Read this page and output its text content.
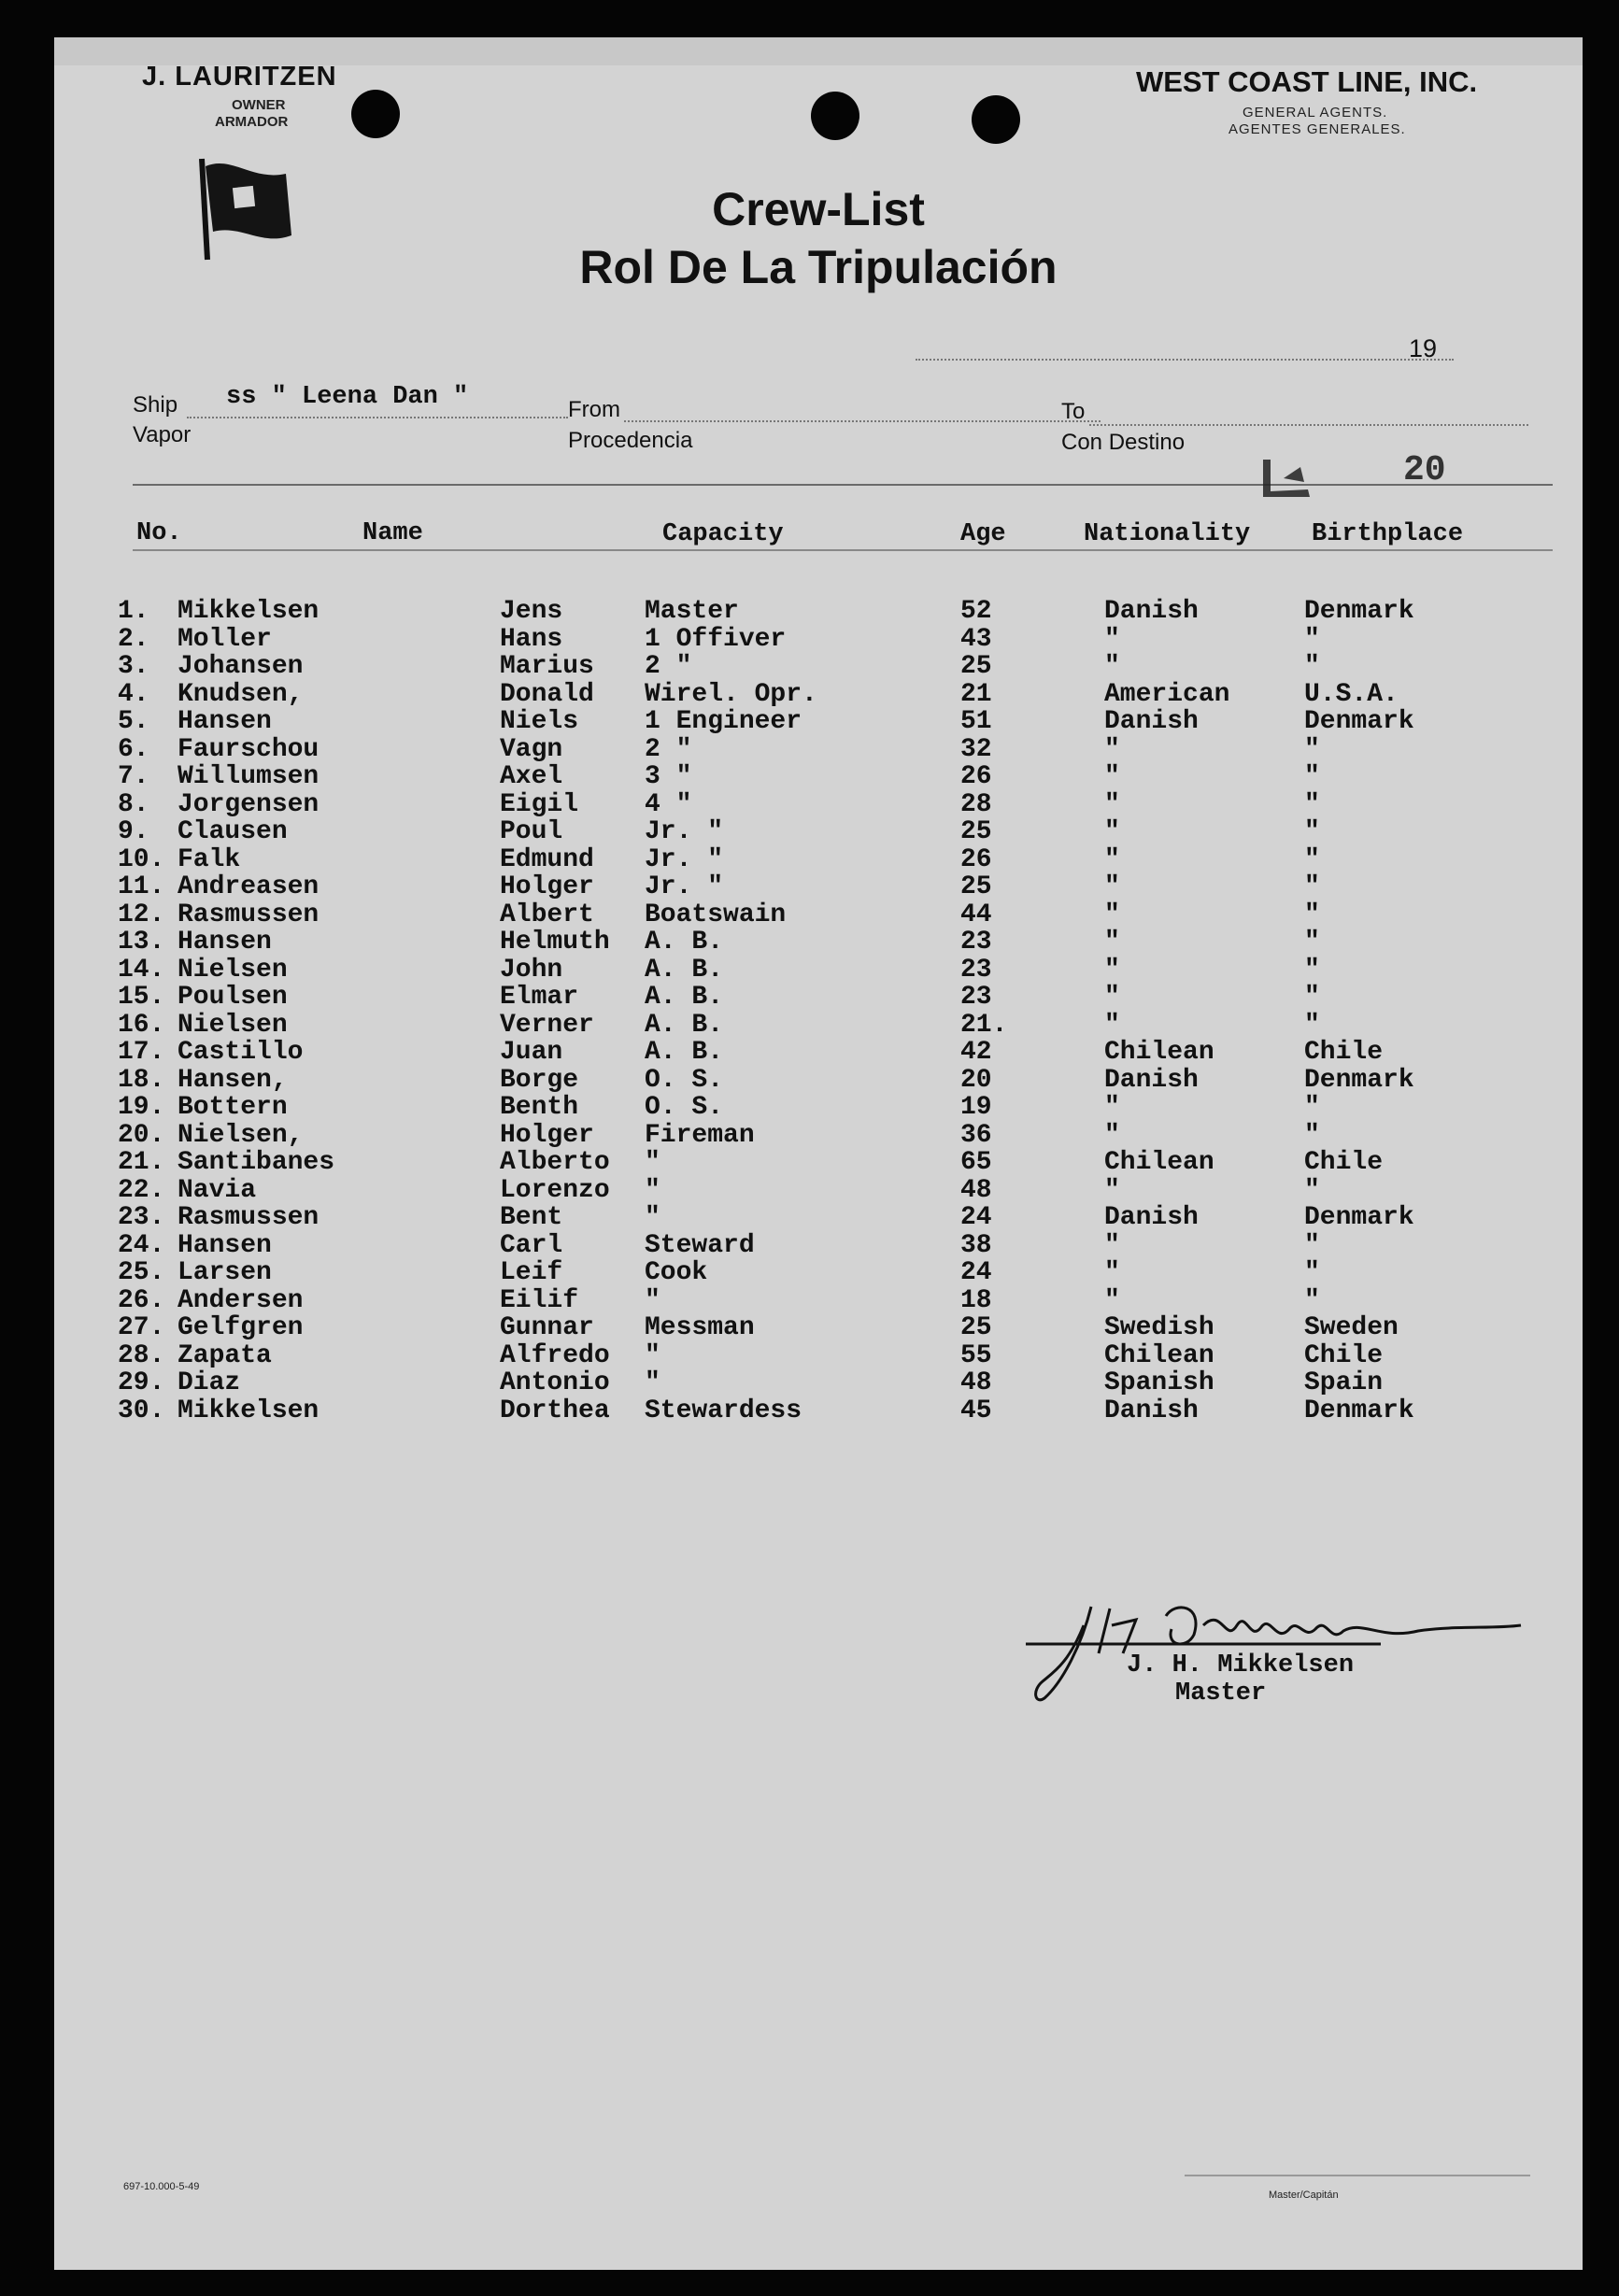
J. LAURITZEN
OWNER
ARMADOR
WEST COAST LINE, INC.
GENERAL AGENTS.
AGENTES GENERALES.
Crew-List
Rol De La Tripulación
19
Ship
Vapor
ss " Leena Dan "	From
Procedencia
To
Con Destino
20
No.	Name	Capacity	Age	Nationality Birthplace
1. Mikkelsen	Jens	Master	52	Danish	Denmark
2. Moller	Hans	1 Offiver	43	"	"
3. Johansen	Marius 2 "	25	"	"
4. Knudsen,	Donald Wirel. Opr.	21	American	U.S.A.
5. Hansen	Niels	1 Engineer	51	Danish	Denmark
6. Faurschou	Vagn	2 "	32	"	"
7. Willumsen	Axel	3 "	26	"	"
8. Jorgensen	Eigil	4 "	28	"	"
9. Clausen	Poul	Jr. "	25	"	"
10. Falk	Edmund Jr. "	26	"	"
11. Andreasen	Holger Jr. "	25	"	"
12. Rasmussen	Albert Boatswain	44	"	"
13. Hansen	Helmuth A. B.	23	"	"
14. Nielsen	John	A. B.	23	"	"
15. Poulsen	Elmar	A. B.	23	"	"
16. Nielsen	Verner A. B.	21.	"	"
17. Castillo	Juan	A. B.	42	Chilean	Chile
18. Hansen,	Borge	O. S.	20	Danish	Denmark
19. Bottern	Benth	O. S.	19	"	"
20. Nielsen,	Holger Fireman	36	"	"
21. Santibanes	Alberto "	65	Chilean	Chile
22. Navia	Lorenzo "	48	"	"
23. Rasmussen	Bent	"	24	Danish	Denmark
24. Hansen	Carl	Steward	38	"	"
25. Larsen	Leif	Cook	24	"	"
26. Andersen	Eilif	"	18	"	"
27. Gelfgren	Gunnar Messman	25	Swedish	Sweden
28. Zapata	Alfredo "	55	Chilean	Chile
29. Diaz	Antonio "	48	Spanish	Spain
30. Mikkelsen	Dorthea Stewardess	45	Danish	Denmark
J. H. Mikkelsen
Master
697-10.000-5-49
Master/Capitán
